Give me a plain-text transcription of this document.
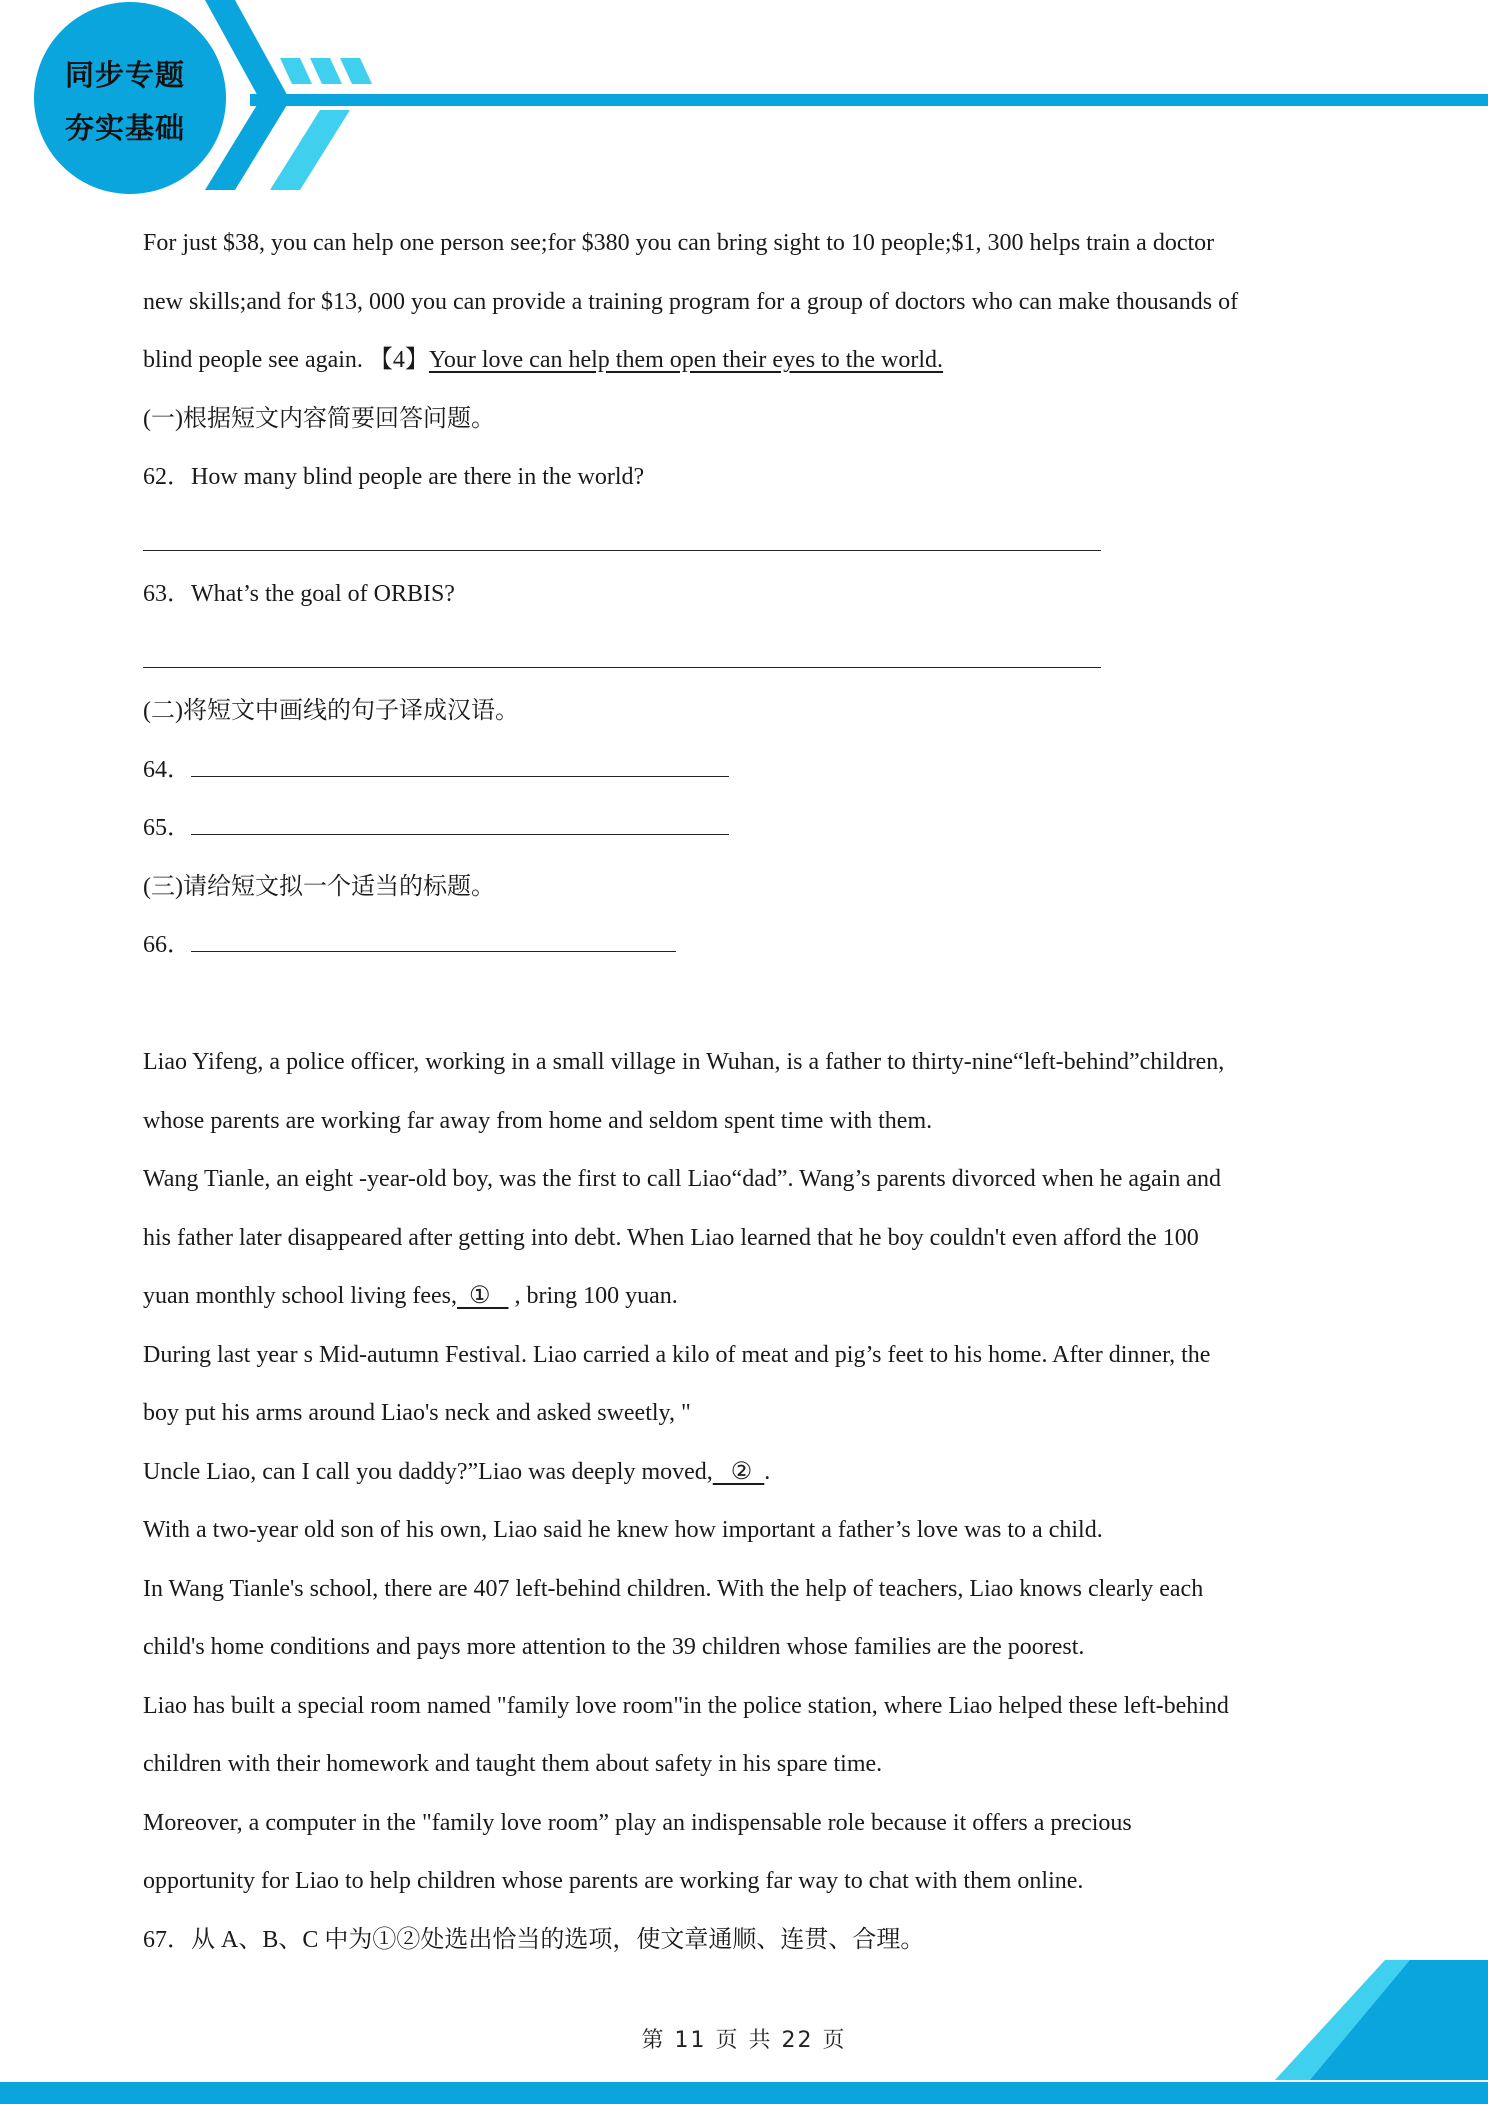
同步专题
夯实基础
For just $38, you can help one person see;for $380 you can bring sight to 10 people;$1, 300 helps train a doctor
new skills;and for $13, 000 you can provide a training program for a group of doctors who can make thousands of
blind people see again. 【4】Your love can help them open their eyes to the world.
(一)根据短文内容简要回答问题。
62．How many blind people are there in the world?
63．What’s the goal of ORBIS?
(二)将短文中画线的句子译成汉语。
64．
65．
(三)请给短文拟一个适当的标题。
66．
Liao Yifeng, a police officer, working in a small village in Wuhan, is a father to thirty-nine“left-behind”children,
whose parents are working far away from home and seldom spent time with them.
Wang Tianle, an eight -year-old boy, was the first to call Liao“dad”. Wang’s parents divorced when he again and
his father later disappeared after getting into debt. When Liao learned that he boy couldn't even afford the 100
yuan monthly school living fees,  ①    , bring 100 yuan.
During last year s Mid-autumn Festival. Liao carried a kilo of meat and pig’s feet to his home. After dinner, the
boy put his arms around Liao's neck and asked sweetly, "
Uncle Liao, can I call you daddy?”Liao was deeply moved,   ②  .
With a two-year old son of his own, Liao said he knew how important a father’s love was to a child.
In Wang Tianle's school, there are 407 left-behind children. With the help of teachers, Liao knows clearly each
child's home conditions and pays more attention to the 39 children whose families are the poorest.
Liao has built a special room named "family love room"in the police station, where Liao helped these left-behind
children with their homework and taught them about safety in his spare time.
Moreover, a computer in the "family love room” play an indispensable role because it offers a precious
opportunity for Liao to help children whose parents are working far way to chat with them online.
67．从 A、B、C 中为①②处选出恰当的选项，使文章通顺、连贯、合理。
第 11 页 共 22 页
